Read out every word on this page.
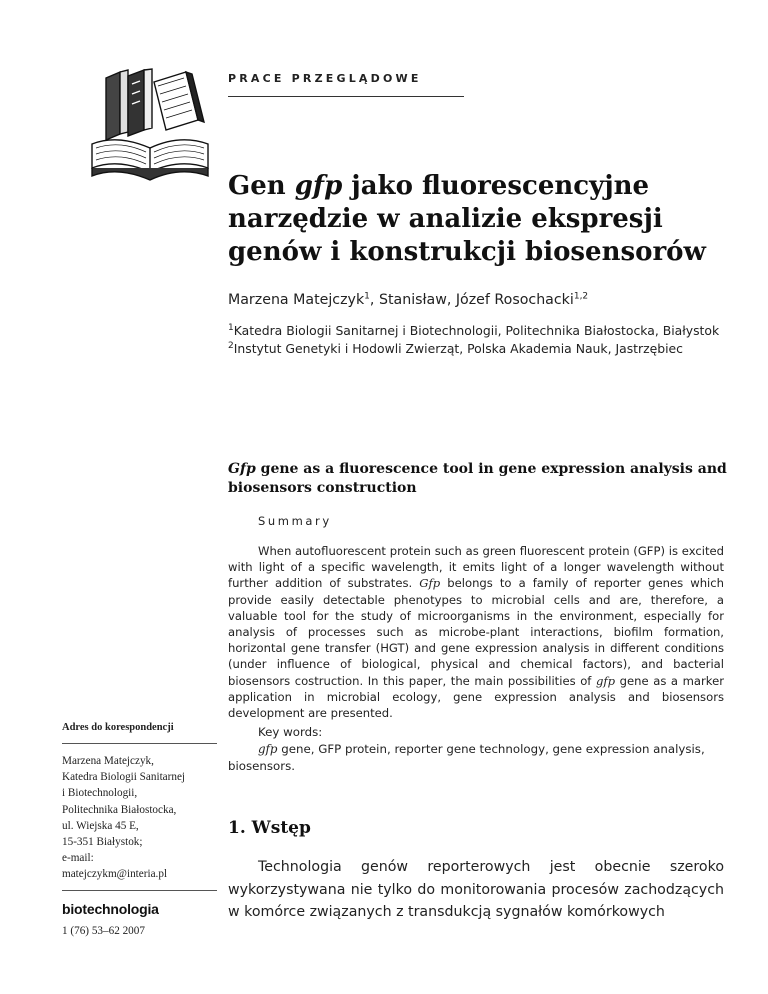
PRACE PRZEGLĄDOWE
Gen gfp jako fluorescencyjne narzędzie w analizie ekspresji genów i konstrukcji biosensorów
Marzena Matejczyk$^1$, Stanisław, Józef Rosochacki$^{1,2}$
$^1$Katedra Biologii Sanitarnej i Biotechnologii, Politechnika Białostocka, Białystok
$^2$Instytut Genetyki i Hodowli Zwierząt, Polska Akademia Nauk, Jastrzębiec
Gfp gene as a fluorescence tool in gene expression analysis and biosensors construction
Summary
When autofluorescent protein such as green fluorescent protein (GFP) is excited with light of a specific wavelength, it emits light of a longer wavelength without further addition of substrates. Gfp belongs to a family of reporter genes which provide easily detectable phenotypes to microbial cells and are, therefore, a valuable tool for the study of microorganisms in the environment, especially for analysis of processes such as microbe-plant interactions, biofilm formation, horizontal gene transfer (HGT) and gene expression analysis in different conditions (under influence of biological, physical and chemical factors), and bacterial biosensors costruction. In this paper, the main possibilities of gfp gene as a marker application in microbial ecology, gene expression analysis and biosensors development are presented.
Key words:
gfp gene, GFP protein, reporter gene technology, gene expression analysis, biosensors.
Adres do korespondencji
Marzena Matejczyk,
Katedra Biologii Sanitarnej
i Biotechnologii,
Politechnika Białostocka,
ul. Wiejska 45 E,
15-351 Białystok;
e-mail:
matejczykm@interia.pl
biotechnologia
1 (76) 53–62 2007
1. Wstęp
Technologia genów reporterowych jest obecnie szeroko wykorzystywana nie tylko do monitorowania procesów zachodzących w komórce związanych z transdukcją sygnałów komórkowych
